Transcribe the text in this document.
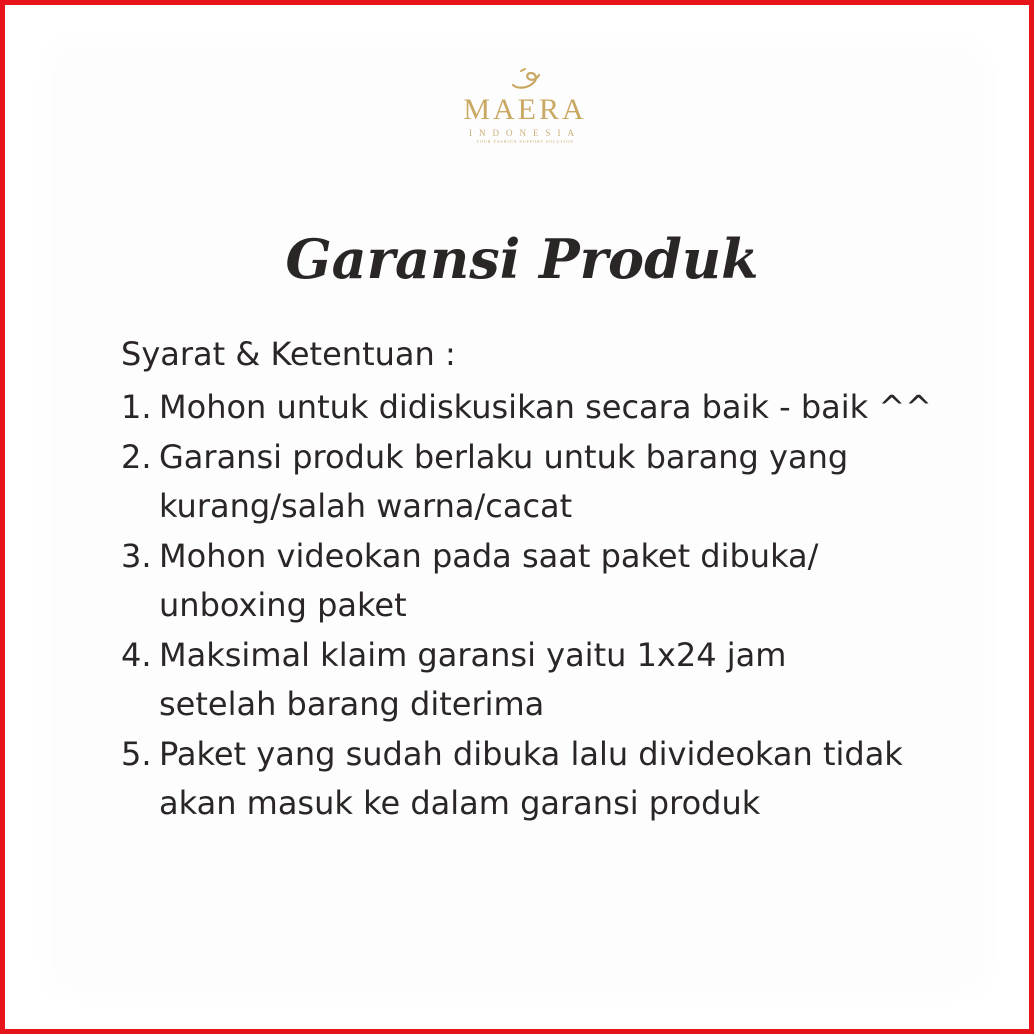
MAERA
INDONESIA
YOUR FASHION SUPPORT SOLUTION
Garansi Produk
Syarat & Ketentuan :
1. Mohon untuk didiskusikan secara baik - baik ^^
2. Garansi produk berlaku untuk barang yang
kurang/salah warna/cacat
3. Mohon videokan pada saat paket dibuka/
unboxing paket
4. Maksimal klaim garansi yaitu 1x24 jam
setelah barang diterima
5. Paket yang sudah dibuka lalu divideokan tidak
akan masuk ke dalam garansi produk
